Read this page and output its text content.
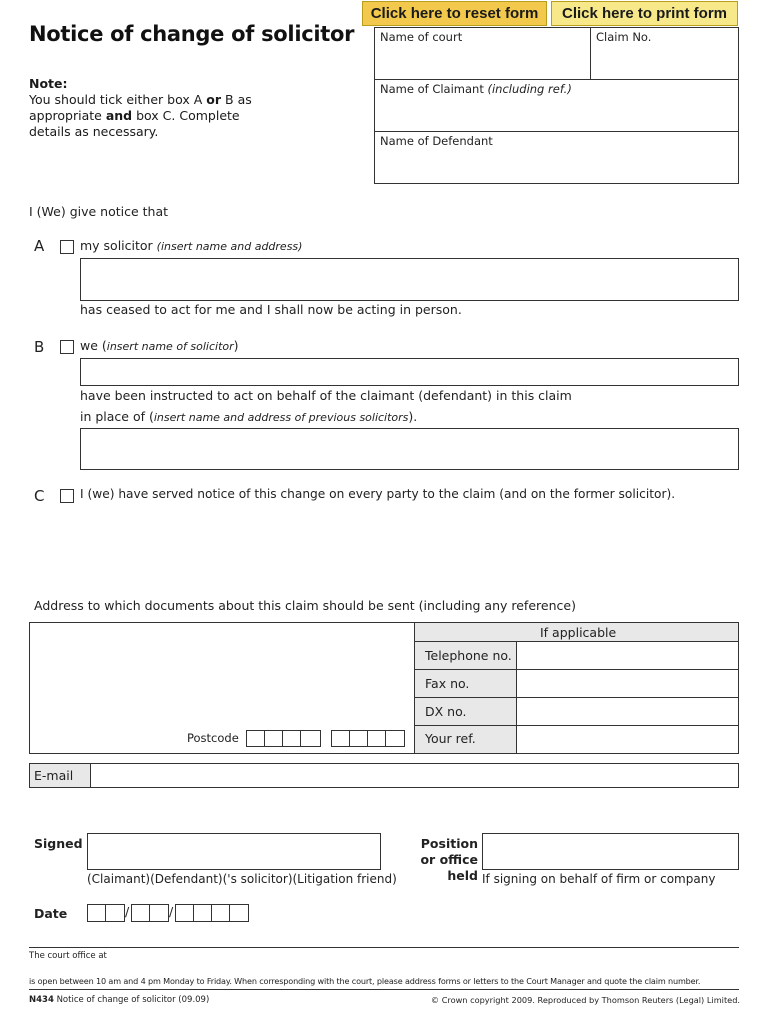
Notice of change of solicitor
Click here to reset form	Click here to print form
Name of court	Claim No.
Name of Claimant (including ref.)
Name of Defendant
Note:
You should tick either box A or B as appropriate and box C. Complete details as necessary.
I (We) give notice that
A	my solicitor (insert name and address)
has ceased to act for me and I shall now be acting in person.
B	we (insert name of solicitor)
have been instructed to act on behalf of the claimant (defendant) in this claim
in place of (insert name and address of previous solicitors).
C	I (we) have served notice of this change on every party to the claim (and on the former solicitor).
Address to which documents about this claim should be sent (including any reference)
Postcode
If applicable
Telephone no.
Fax no.
DX no.
Your ref.
E-mail
Signed
(Claimant)(Defendant)('s solicitor)(Litigation friend)
Position or office held If signing on behalf of firm or company
Date	/	/
The court office at
is open between 10 am and 4 pm Monday to Friday. When corresponding with the court, please address forms or letters to the Court Manager and quote the claim number.
N434 Notice of change of solicitor (09.09)	© Crown copyright 2009. Reproduced by Thomson Reuters (Legal) Limited.
